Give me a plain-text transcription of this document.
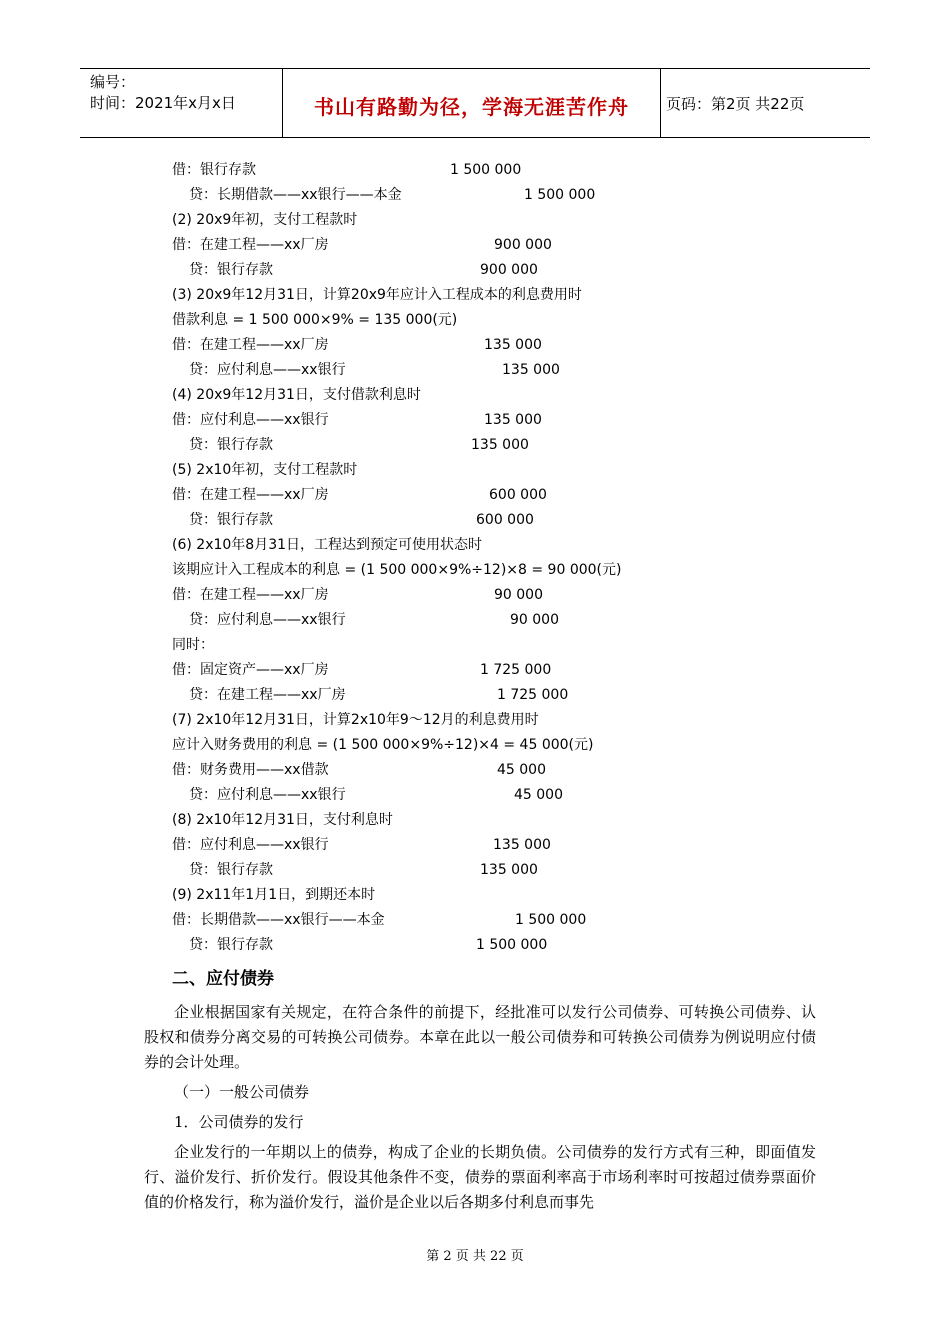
编号：
时间：2021年x月x日	书山有路勤为径，学海无涯苦作舟	页码：第2页 共22页
借：银行存款	1 500 000
贷：长期借款——xx银行——本金	1 500 000
(2) 20x9年初，支付工程款时
借：在建工程——xx厂房	900 000
贷：银行存款	900 000
(3) 20x9年12月31日，计算20x9年应计入工程成本的利息费用时
借款利息 = 1 500 000×9% = 135 000(元)
借：在建工程——xx厂房	135 000
贷：应付利息——xx银行	135 000
(4) 20x9年12月31日，支付借款利息时
借：应付利息——xx银行	135 000
贷：银行存款	135 000
(5) 2x10年初，支付工程款时
借：在建工程——xx厂房	600 000
贷：银行存款	600 000
(6) 2x10年8月31日，工程达到预定可使用状态时
该期应计入工程成本的利息 = (1 500 000×9%÷12)×8 = 90 000(元)
借：在建工程——xx厂房	90 000
贷：应付利息——xx银行	90 000
同时：
借：固定资产——xx厂房	1 725 000
贷：在建工程——xx厂房	1 725 000
(7) 2x10年12月31日，计算2x10年9～12月的利息费用时
应计入财务费用的利息 = (1 500 000×9%÷12)×4 = 45 000(元)
借：财务费用——xx借款	45 000
贷：应付利息——xx银行	45 000
(8) 2x10年12月31日，支付利息时
借：应付利息——xx银行	135 000
贷：银行存款	135 000
(9) 2x11年1月1日，到期还本时
借：长期借款——xx银行——本金	1 500 000
贷：银行存款	1 500 000
二、应付债券
企业根据国家有关规定，在符合条件的前提下，经批准可以发行公司债券、可转换公司债券、认股权和债券分离交易的可转换公司债券。本章在此以一般公司债券和可转换公司债券为例说明应付债券的会计处理。
（一）一般公司债券
1．公司债券的发行
企业发行的一年期以上的债券，构成了企业的长期负债。公司债券的发行方式有三种，即面值发行、溢价发行、折价发行。假设其他条件不变，债券的票面利率高于市场利率时可按超过债券票面价值的价格发行，称为溢价发行，溢价是企业以后各期多付利息而事先
第 2 页 共 22 页
